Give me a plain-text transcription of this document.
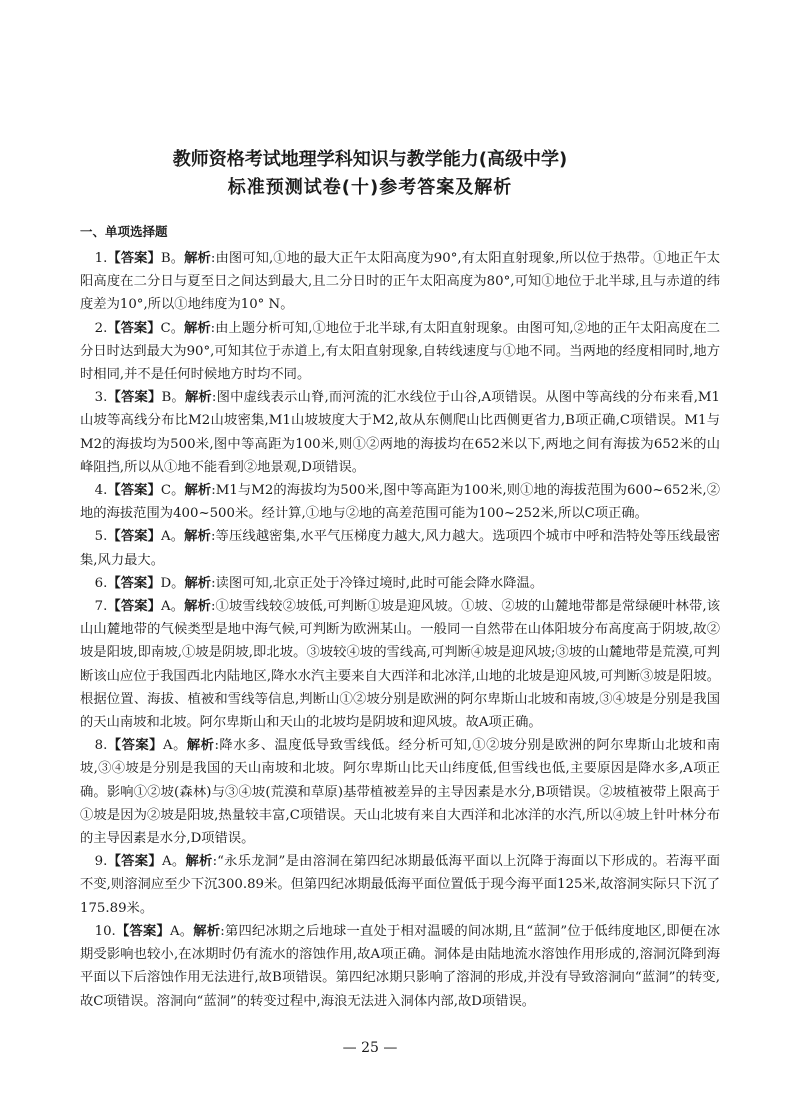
教师资格考试地理学科知识与教学能力(高级中学)
标准预测试卷(十)参考答案及解析
一、单项选择题

1.【答案】B。解析:由图可知,①地的最大正午太阳高度为90°,有太阳直射现象,所以位于热带。①地正午太阳高度在二分日与夏至日之间达到最大,且二分日时的正午太阳高度为80°,可知①地位于北半球,且与赤道的纬度差为10°,所以①地纬度为10° N。

2.【答案】C。解析:由上题分析可知,①地位于北半球,有太阳直射现象。由图可知,②地的正午太阳高度在二分日时达到最大为90°,可知其位于赤道上,有太阳直射现象,自转线速度与①地不同。当两地的经度相同时,地方时相同,并不是任何时候地方时均不同。

3.【答案】B。解析:图中虚线表示山脊,而河流的汇水线位于山谷,A项错误。从图中等高线的分布来看,M1山坡等高线分布比M2山坡密集,M1山坡坡度大于M2,故从东侧爬山比西侧更省力,B项正确,C项错误。M1与M2的海拔均为500米,图中等高距为100米,则①②两地的海拔均在652米以下,两地之间有海拔为652米的山峰阻挡,所以从①地不能看到②地景观,D项错误。

4.【答案】C。解析:M1与M2的海拔均为500米,图中等高距为100米,则①地的海拔范围为600~652米,②地的海拔范围为400~500米。经计算,①地与②地的高差范围可能为100~252米,所以C项正确。

5.【答案】A。解析:等压线越密集,水平气压梯度力越大,风力越大。选项四个城市中呼和浩特处等压线最密集,风力最大。

6.【答案】D。解析:读图可知,北京正处于冷锋过境时,此时可能会降水降温。

7.【答案】A。解析:①坡雪线较②坡低,可判断①坡是迎风坡。①坡、②坡的山麓地带都是常绿硬叶林带,该山山麓地带的气候类型是地中海气候,可判断为欧洲某山。一般同一自然带在山体阳坡分布高度高于阴坡,故②坡是阳坡,即南坡,①坡是阴坡,即北坡。③坡较④坡的雪线高,可判断④坡是迎风坡;③坡的山麓地带是荒漠,可判断该山应位于我国西北内陆地区,降水水汽主要来自大西洋和北冰洋,山地的北坡是迎风坡,可判断③坡是阳坡。根据位置、海拔、植被和雪线等信息,判断山①②坡分别是欧洲的阿尔卑斯山北坡和南坡,③④坡是分别是我国的天山南坡和北坡。阿尔卑斯山和天山的北坡均是阴坡和迎风坡。故A项正确。

8.【答案】A。解析:降水多、温度低导致雪线低。经分析可知,①②坡分别是欧洲的阿尔卑斯山北坡和南坡,③④坡是分别是我国的天山南坡和北坡。阿尔卑斯山比天山纬度低,但雪线也低,主要原因是降水多,A项正确。影响①②坡(森林)与③④坡(荒漠和草原)基带植被差异的主导因素是水分,B项错误。②坡植被带上限高于①坡是因为②坡是阳坡,热量较丰富,C项错误。天山北坡有来自大西洋和北冰洋的水汽,所以④坡上针叶林分布的主导因素是水分,D项错误。

9.【答案】A。解析:“永乐龙洞”是由溶洞在第四纪冰期最低海平面以上沉降于海面以下形成的。若海平面不变,则溶洞应至少下沉300.89米。但第四纪冰期最低海平面位置低于现今海平面125米,故溶洞实际只下沉了175.89米。

10.【答案】A。解析:第四纪冰期之后地球一直处于相对温暖的间冰期,且“蓝洞”位于低纬度地区,即便在冰期受影响也较小,在冰期时仍有流水的溶蚀作用,故A项正确。洞体是由陆地流水溶蚀作用形成的,溶洞沉降到海平面以下后溶蚀作用无法进行,故B项错误。第四纪冰期只影响了溶洞的形成,并没有导致溶洞向“蓝洞”的转变,故C项错误。溶洞向“蓝洞”的转变过程中,海浪无法进入洞体内部,故D项错误。

— 25 —
